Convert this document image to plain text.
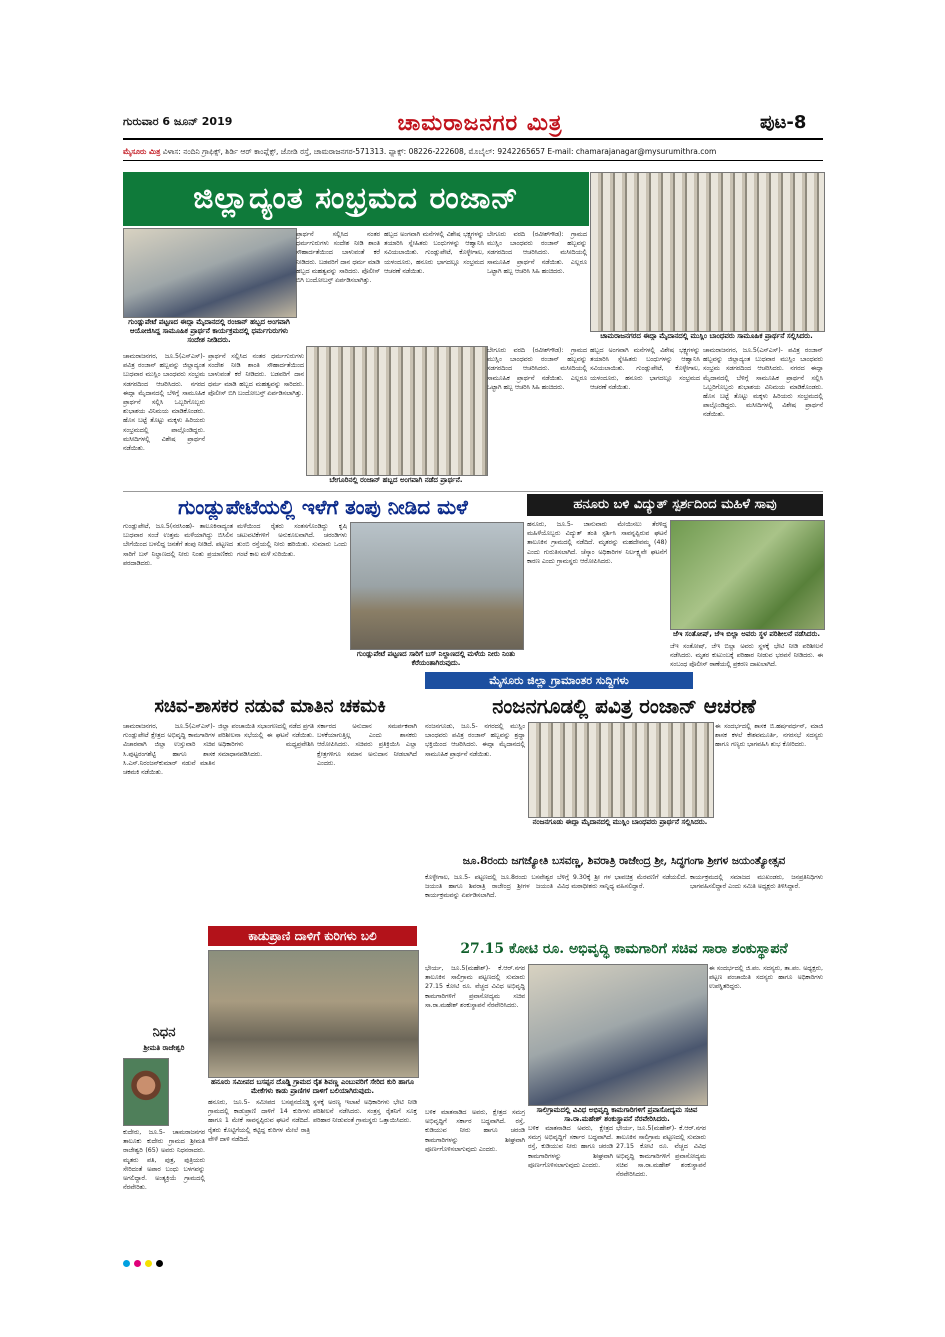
ಗುರುವಾರ 6 ಜೂನ್ 2019	ಚಾಮರಾಜನಗರ ಮಿತ್ರ	ಪುಟ-8
ಮೈಸೂರು ಮಿತ್ರ ವಿಳಾಸ: ನಂದಿನಿ ಗ್ರಾಫಿಕ್ಸ್, ಶಿರ್ಡಿ ಆರ್ ಕಾಂಪ್ಲೆಕ್ಸ್, ಜೋಡಿ ರಸ್ತೆ, ಚಾಮರಾಜನಗರ-571313. ಫ್ಯಾಕ್ಸ್: 08226-222608, ಮೊಬೈಲ್: 9242265657 E-mail: chamarajanagar@mysurumithra.com
ಜಿಲ್ಲಾದ್ಯಂತ ಸಂಭ್ರಮದ ರಂಜಾನ್
ಚಾಮರಾಜನಗರದ ಈದ್ಗಾ ಮೈದಾನದಲ್ಲಿ ಮುಸ್ಲಿಂ ಬಾಂಧವರು ಸಾಮೂಹಿಕ ಪ್ರಾರ್ಥನೆ ಸಲ್ಲಿಸಿದರು.
ಗುಂಡ್ಲುಪೇಟೆ ಪಟ್ಟಣದ ಈದ್ಗಾ ಮೈದಾನದಲ್ಲಿ ರಂಜಾನ್ ಹಬ್ಬದ ಅಂಗವಾಗಿ ಆಯೋಜಿಸಿದ್ದ ಸಾಮೂಹಿಕ ಪ್ರಾರ್ಥನೆ ಕಾರ್ಯಕ್ರಮದಲ್ಲಿ ಧರ್ಮಗುರುಗಳು ಸಂದೇಶ ನೀಡಿದರು.
ಪ್ರಾರ್ಥನೆ ಸಲ್ಲಿಸಿದ ನಂತರ ಧರ್ಮಗುರುಗಳು ಸಂದೇಶ ನೀಡಿ ಶಾಂತಿ ಸೌಹಾರ್ದತೆಯಿಂದ ಬಾಳುವಂತೆ ಕರೆ ನೀಡಿದರು. ಬಡವರಿಗೆ ದಾನ ಧರ್ಮ ಮಾಡಿ ಹಬ್ಬದ ಮಹತ್ವವನ್ನು ಸಾರಿದರು. ಪೊಲೀಸ್ ಬಿಗಿ ಬಂದೋಬಸ್ತ್ ಏರ್ಪಡಿಸಲಾಗಿತ್ತು.
ಹಬ್ಬದ ಅಂಗವಾಗಿ ಮನೆಗಳಲ್ಲಿ ವಿಶೇಷ ಭಕ್ಷ್ಯಗಳನ್ನು ತಯಾರಿಸಿ ಸ್ನೇಹಿತರು ಬಂಧುಗಳನ್ನು ಆಹ್ವಾನಿಸಿ ಸವಿಯಲಾಯಿತು. ಗುಂಡ್ಲುಪೇಟೆ, ಕೊಳ್ಳೇಗಾಲ, ಯಳಂದೂರು, ಹನೂರು ಭಾಗದಲ್ಲೂ ಸಂಭ್ರಮದ ಆಚರಣೆ ನಡೆಯಿತು.
ಬೇಗೂರು ವರದಿ (ರವೀಶ್‍ಗೌಡ): ಗ್ರಾಮದ ಮುಸ್ಲಿಂ ಬಾಂಧವರು ರಂಜಾನ್ ಹಬ್ಬವನ್ನು ಸಡಗರದಿಂದ ಆಚರಿಸಿದರು. ಮಸೀದಿಯಲ್ಲಿ ಸಾಮೂಹಿಕ ಪ್ರಾರ್ಥನೆ ನಡೆಯಿತು. ಎಲ್ಲರೂ ಒಟ್ಟಾಗಿ ಹಬ್ಬ ಆಚರಿಸಿ ಸಿಹಿ ಹಂಚಿದರು.
ಚಾಮರಾಜನಗರ, ಜೂ.5(ಎಸ್‍ಎಸ್)- ಪವಿತ್ರ ರಂಜಾನ್ ಹಬ್ಬವನ್ನು ಜಿಲ್ಲಾದ್ಯಂತ ಬುಧವಾರ ಮುಸ್ಲಿಂ ಬಾಂಧವರು ಸಂಭ್ರಮ ಸಡಗರದಿಂದ ಆಚರಿಸಿದರು. ನಗರದ ಈದ್ಗಾ ಮೈದಾನದಲ್ಲಿ ಬೆಳಿಗ್ಗೆ ಸಾಮೂಹಿಕ ಪ್ರಾರ್ಥನೆ ಸಲ್ಲಿಸಿ ಒಬ್ಬರಿಗೊಬ್ಬರು ಶುಭಾಶಯ ವಿನಿಮಯ ಮಾಡಿಕೊಂಡರು. ಹೊಸ ಬಟ್ಟೆ ತೊಟ್ಟು ಮಕ್ಕಳು ಹಿರಿಯರು ಸಂಭ್ರಮದಲ್ಲಿ ಪಾಲ್ಗೊಂಡಿದ್ದರು. ಮಸೀದಿಗಳಲ್ಲಿ ವಿಶೇಷ ಪ್ರಾರ್ಥನೆ ನಡೆಯಿತು.
ಪ್ರಾರ್ಥನೆ ಸಲ್ಲಿಸಿದ ನಂತರ ಧರ್ಮಗುರುಗಳು ಸಂದೇಶ ನೀಡಿ ಶಾಂತಿ ಸೌಹಾರ್ದತೆಯಿಂದ ಬಾಳುವಂತೆ ಕರೆ ನೀಡಿದರು. ಬಡವರಿಗೆ ದಾನ ಧರ್ಮ ಮಾಡಿ ಹಬ್ಬದ ಮಹತ್ವವನ್ನು ಸಾರಿದರು. ಪೊಲೀಸ್ ಬಿಗಿ ಬಂದೋಬಸ್ತ್ ಏರ್ಪಡಿಸಲಾಗಿತ್ತು.
ಬೇಗೂರಿನಲ್ಲಿ ರಂಜಾನ್ ಹಬ್ಬದ ಅಂಗವಾಗಿ ನಡೆದ ಪ್ರಾರ್ಥನೆ.
ಬೇಗೂರು ವರದಿ (ರವೀಶ್‍ಗೌಡ): ಗ್ರಾಮದ ಮುಸ್ಲಿಂ ಬಾಂಧವರು ರಂಜಾನ್ ಹಬ್ಬವನ್ನು ಸಡಗರದಿಂದ ಆಚರಿಸಿದರು. ಮಸೀದಿಯಲ್ಲಿ ಸಾಮೂಹಿಕ ಪ್ರಾರ್ಥನೆ ನಡೆಯಿತು. ಎಲ್ಲರೂ ಒಟ್ಟಾಗಿ ಹಬ್ಬ ಆಚರಿಸಿ ಸಿಹಿ ಹಂಚಿದರು.
ಹಬ್ಬದ ಅಂಗವಾಗಿ ಮನೆಗಳಲ್ಲಿ ವಿಶೇಷ ಭಕ್ಷ್ಯಗಳನ್ನು ತಯಾರಿಸಿ ಸ್ನೇಹಿತರು ಬಂಧುಗಳನ್ನು ಆಹ್ವಾನಿಸಿ ಸವಿಯಲಾಯಿತು. ಗುಂಡ್ಲುಪೇಟೆ, ಕೊಳ್ಳೇಗಾಲ, ಯಳಂದೂರು, ಹನೂರು ಭಾಗದಲ್ಲೂ ಸಂಭ್ರಮದ ಆಚರಣೆ ನಡೆಯಿತು.
ಚಾಮರಾಜನಗರ, ಜೂ.5(ಎಸ್‍ಎಸ್)- ಪವಿತ್ರ ರಂಜಾನ್ ಹಬ್ಬವನ್ನು ಜಿಲ್ಲಾದ್ಯಂತ ಬುಧವಾರ ಮುಸ್ಲಿಂ ಬಾಂಧವರು ಸಂಭ್ರಮ ಸಡಗರದಿಂದ ಆಚರಿಸಿದರು. ನಗರದ ಈದ್ಗಾ ಮೈದಾನದಲ್ಲಿ ಬೆಳಿಗ್ಗೆ ಸಾಮೂಹಿಕ ಪ್ರಾರ್ಥನೆ ಸಲ್ಲಿಸಿ ಒಬ್ಬರಿಗೊಬ್ಬರು ಶುಭಾಶಯ ವಿನಿಮಯ ಮಾಡಿಕೊಂಡರು. ಹೊಸ ಬಟ್ಟೆ ತೊಟ್ಟು ಮಕ್ಕಳು ಹಿರಿಯರು ಸಂಭ್ರಮದಲ್ಲಿ ಪಾಲ್ಗೊಂಡಿದ್ದರು. ಮಸೀದಿಗಳಲ್ಲಿ ವಿಶೇಷ ಪ್ರಾರ್ಥನೆ ನಡೆಯಿತು.
ಗುಂಡ್ಲುಪೇಟೆಯಲ್ಲಿ ಇಳೆಗೆ ತಂಪು ನೀಡಿದ ಮಳೆ
ಗುಂಡ್ಲುಪೇಟೆ, ಜೂ.5(ನರಸಿಂಹ)- ತಾಲೂಕಿನಾದ್ಯಂತ ಬುಧವಾರ ಸಂಜೆ ಉತ್ತಮ ಮಳೆಯಾಗಿದ್ದು ಬಿಸಿಲಿನ ಬೇಗೆಯಿಂದ ಬಳಲಿದ್ದ ಜನತೆಗೆ ತಂಪು ನೀಡಿದೆ. ಪಟ್ಟಣದ ಸಾರಿಗೆ ಬಸ್ ನಿಲ್ದಾಣದಲ್ಲಿ ನೀರು ನಿಂತು ಪ್ರಯಾಣಿಕರು ಪರದಾಡಿದರು.
ಮಳೆಯಿಂದ ರೈತರು ಸಂತಸಗೊಂಡಿದ್ದು ಕೃಷಿ ಚಟುವಟಿಕೆಗಳಿಗೆ ಅನುಕೂಲವಾಗಿದೆ. ಚರಂಡಿಗಳು ತುಂಬಿ ರಸ್ತೆಯಲ್ಲಿ ನೀರು ಹರಿಯಿತು. ಸುಮಾರು ಒಂದು ಗಂಟೆ ಕಾಲ ಮಳೆ ಸುರಿಯಿತು.
ಗುಂಡ್ಲುಪೇಟೆ ಪಟ್ಟಣದ ಸಾರಿಗೆ ಬಸ್ ನಿಲ್ದಾಣದಲ್ಲಿ ಮಳೆಯ ನೀರು ನಿಂತು ಕೆರೆಯಂತಾಗಿರುವುದು.
ಹನೂರು ಬಳಿ ವಿದ್ಯುತ್ ಸ್ಪರ್ಶದಿಂದ ಮಹಿಳೆ ಸಾವು
ಹನೂರು, ಜೂ.5- ಜಾನುವಾರು ಮೇಯಿಸಲು ತೆರಳಿದ್ದ ಮಹಿಳೆಯೊಬ್ಬರು ವಿದ್ಯುತ್ ತಂತಿ ಸ್ಪರ್ಶಿಸಿ ಸಾವನ್ನಪ್ಪಿರುವ ಘಟನೆ ತಾಲೂಕಿನ ಗ್ರಾಮದಲ್ಲಿ ನಡೆದಿದೆ. ಮೃತರನ್ನು ಮಹದೇವಮ್ಮ (48) ಎಂದು ಗುರುತಿಸಲಾಗಿದೆ. ಚೆಸ್ಕಾಂ ಅಧಿಕಾರಿಗಳ ನಿರ್ಲಕ್ಷ್ಯವೇ ಘಟನೆಗೆ ಕಾರಣ ಎಂದು ಗ್ರಾಮಸ್ಥರು ಆರೋಪಿಸಿದರು.
ಜೆಇ ಸಂತೋಷ್, ಜೆಇ ಬಿಲ್ಲಾ ಅವರು ಸ್ಥಳ ಪರಿಶೀಲನೆ ನಡೆಸಿದರು.
ಜೆಇ ಸಂತೋಷ್, ಜೆಇ ಬಿಲ್ಲಾ ಅವರು ಸ್ಥಳಕ್ಕೆ ಭೇಟಿ ನೀಡಿ ಪರಿಶೀಲನೆ ನಡೆಸಿದರು. ಮೃತರ ಕುಟುಂಬಕ್ಕೆ ಪರಿಹಾರ ನೀಡುವ ಭರವಸೆ ನೀಡಿದರು. ಈ ಸಂಬಂಧ ಪೊಲೀಸ್ ಠಾಣೆಯಲ್ಲಿ ಪ್ರಕರಣ ದಾಖಲಾಗಿದೆ.
ಮೈಸೂರು ಜಿಲ್ಲಾ ಗ್ರಾಮಾಂತರ ಸುದ್ದಿಗಳು
ಸಚಿವ-ಶಾಸಕರ ನಡುವೆ ಮಾತಿನ ಚಕಮಕಿ
ಚಾಮರಾಜನಗರ, ಜೂ.5(ಎಸ್‍ಎಸ್)- ಗುಂಡ್ಲುಪೇಟೆ ಕ್ಷೇತ್ರದ ಅಭಿವೃದ್ಧಿ ಕಾಮಗಾರಿಗಳ ವಿಚಾರವಾಗಿ ಜಿಲ್ಲಾ ಉಸ್ತುವಾರಿ ಸಚಿವ ಸಿ.ಪುಟ್ಟರಂಗಶೆಟ್ಟಿ ಹಾಗೂ ಶಾಸಕ ಸಿ.ಎಸ್.ನಿರಂಜನ್‍ಕುಮಾರ್ ನಡುವೆ ಮಾತಿನ ಚಕಮಕಿ ನಡೆಯಿತು.
ಜಿಲ್ಲಾ ಪಂಚಾಯಿತಿ ಸಭಾಂಗಣದಲ್ಲಿ ನಡೆದ ಪ್ರಗತಿ ಪರಿಶೀಲನಾ ಸಭೆಯಲ್ಲಿ ಈ ಘಟನೆ ನಡೆಯಿತು. ಅಧಿಕಾರಿಗಳು ಮಧ್ಯಪ್ರವೇಶಿಸಿ ಸಮಾಧಾನಪಡಿಸಿದರು.
ಸರ್ಕಾರದ ಅನುದಾನ ಸಮರ್ಪಕವಾಗಿ ಬಳಕೆಯಾಗುತ್ತಿಲ್ಲ ಎಂದು ಶಾಸಕರು ಆರೋಪಿಸಿದರು. ಸಚಿವರು ಪ್ರತಿಕ್ರಿಯಿಸಿ ಎಲ್ಲಾ ಕ್ಷೇತ್ರಗಳಿಗೂ ಸಮಾನ ಅನುದಾನ ನೀಡಲಾಗಿದೆ ಎಂದರು.
ನಂಜನಗೂಡಲ್ಲಿ ಪವಿತ್ರ ರಂಜಾನ್ ಆಚರಣೆ
ನಂಜನಗೂಡು, ಜೂ.5- ನಗರದಲ್ಲಿ ಮುಸ್ಲಿಂ ಬಾಂಧವರು ಪವಿತ್ರ ರಂಜಾನ್ ಹಬ್ಬವನ್ನು ಶ್ರದ್ಧಾ ಭಕ್ತಿಯಿಂದ ಆಚರಿಸಿದರು. ಈದ್ಗಾ ಮೈದಾನದಲ್ಲಿ ಸಾಮೂಹಿಕ ಪ್ರಾರ್ಥನೆ ನಡೆಯಿತು.
ನಂಜನಗೂಡು ಈದ್ಗಾ ಮೈದಾನದಲ್ಲಿ ಮುಸ್ಲಿಂ ಬಾಂಧವರು ಪ್ರಾರ್ಥನೆ ಸಲ್ಲಿಸಿದರು.
ಈ ಸಂದರ್ಭದಲ್ಲಿ ಶಾಸಕ ಬಿ.ಹರ್ಷವರ್ಧನ್, ಮಾಜಿ ಶಾಸಕ ಕಳಲೆ ಕೇಶವಮೂರ್ತಿ, ನಗರಸಭೆ ಸದಸ್ಯರು ಹಾಗೂ ಗಣ್ಯರು ಭಾಗವಹಿಸಿ ಶುಭ ಕೋರಿದರು.
ಜೂ.8ರಂದು ಜಗಜ್ಯೋತಿ ಬಸವಣ್ಣ, ಶಿವರಾತ್ರಿ ರಾಜೇಂದ್ರ ಶ್ರೀ, ಸಿದ್ಧಗಂಗಾ ಶ್ರೀಗಳ ಜಯಂತ್ಯೋತ್ಸವ
ಕೊಳ್ಳೇಗಾಲ, ಜೂ.5- ಪಟ್ಟಣದಲ್ಲಿ ಜೂ.8ರಂದು ಬಸವೇಶ್ವರ ಜಯಂತಿ ಹಾಗೂ ಶಿವರಾತ್ರಿ ರಾಜೇಂದ್ರ ಶ್ರೀಗಳ ಜಯಂತಿ ಕಾರ್ಯಕ್ರಮವನ್ನು ಏರ್ಪಡಿಸಲಾಗಿದೆ.
ಬೆಳಿಗ್ಗೆ 9.30ಕ್ಕೆ ಶ್ರೀ ಗಳ ಭಾವಚಿತ್ರ ಮೆರವಣಿಗೆ ನಡೆಯಲಿದೆ. ವಿವಿಧ ಮಠಾಧೀಶರು ಸಾನ್ನಿಧ್ಯ ವಹಿಸಲಿದ್ದಾರೆ.
ಕಾರ್ಯಕ್ರಮದಲ್ಲಿ ಸಮಾಜದ ಮುಖಂಡರು, ಜನಪ್ರತಿನಿಧಿಗಳು ಭಾಗವಹಿಸಲಿದ್ದಾರೆ ಎಂದು ಸಮಿತಿ ಅಧ್ಯಕ್ಷರು ತಿಳಿಸಿದ್ದಾರೆ.
ಕಾಡುಪ್ರಾಣಿ ದಾಳಿಗೆ ಕುರಿಗಳು ಬಲಿ
ಹನೂರು ಸಮೀಪದ ಬಸಪ್ಪನ ದೊಡ್ಡಿ ಗ್ರಾಮದ ರೈತ ಶಿವಣ್ಣ ಎಂಬುವರಿಗೆ ಸೇರಿದ ಕುರಿ ಹಾಗೂ ಮೇಕೆಗಳು ಕಾಡು ಪ್ರಾಣಿಗಳ ದಾಳಿಗೆ ಬಲಿಯಾಗಿರುವುದು.
ಹನೂರು, ಜೂ.5- ಸಮೀಪದ ಬಸಪ್ಪನದೊಡ್ಡಿ ಗ್ರಾಮದಲ್ಲಿ ಕಾಡುಪ್ರಾಣಿ ದಾಳಿಗೆ 14 ಕುರಿಗಳು ಹಾಗೂ 1 ಮೇಕೆ ಸಾವನ್ನಪ್ಪಿರುವ ಘಟನೆ ನಡೆದಿದೆ. ರೈತರು ಕೊಟ್ಟಿಗೆಯಲ್ಲಿ ಕಟ್ಟಿದ್ದ ಕುರಿಗಳ ಮೇಲೆ ರಾತ್ರಿ ವೇಳೆ ದಾಳಿ ನಡೆದಿದೆ.
ಸ್ಥಳಕ್ಕೆ ಅರಣ್ಯ ಇಲಾಖೆ ಅಧಿಕಾರಿಗಳು ಭೇಟಿ ನೀಡಿ ಪರಿಶೀಲನೆ ನಡೆಸಿದರು. ಸಂತ್ರಸ್ತ ರೈತನಿಗೆ ಸೂಕ್ತ ಪರಿಹಾರ ನೀಡುವಂತೆ ಗ್ರಾಮಸ್ಥರು ಒತ್ತಾಯಿಸಿದರು.
27.15 ಕೋಟಿ ರೂ. ಅಭಿವೃದ್ಧಿ ಕಾಮಗಾರಿಗೆ ಸಚಿವ ಸಾರಾ ಶಂಕುಸ್ಥಾಪನೆ
ಭೇರ್ಯ, ಜೂ.5(ಮಹೇಶ್)- ಕೆ.ಆರ್.ನಗರ ತಾಲೂಕಿನ ಸಾಲಿಗ್ರಾಮ ಪಟ್ಟಣದಲ್ಲಿ ಸುಮಾರು 27.15 ಕೋಟಿ ರೂ. ವೆಚ್ಚದ ವಿವಿಧ ಅಭಿವೃದ್ಧಿ ಕಾಮಗಾರಿಗಳಿಗೆ ಪ್ರವಾಸೋದ್ಯಮ ಸಚಿವ ಸಾ.ರಾ.ಮಹೇಶ್ ಶಂಕುಸ್ಥಾಪನೆ ನೆರವೇರಿಸಿದರು.
ಸಾಲಿಗ್ರಾಮದಲ್ಲಿ ವಿವಿಧ ಅಭಿವೃದ್ಧಿ ಕಾಮಗಾರಿಗಳಿಗೆ ಪ್ರವಾಸೋದ್ಯಮ ಸಚಿವ ಸಾ.ರಾ.ಮಹೇಶ್ ಶಂಕುಸ್ಥಾಪನೆ ನೆರವೇರಿಸಿದರು.
ಈ ಸಂದರ್ಭದಲ್ಲಿ ಜಿ.ಪಂ. ಸದಸ್ಯರು, ತಾ.ಪಂ. ಅಧ್ಯಕ್ಷರು, ಪಟ್ಟಣ ಪಂಚಾಯಿತಿ ಸದಸ್ಯರು ಹಾಗೂ ಅಧಿಕಾರಿಗಳು ಉಪಸ್ಥಿತರಿದ್ದರು.
ಬಳಿಕ ಮಾತನಾಡಿದ ಅವರು, ಕ್ಷೇತ್ರದ ಸಮಗ್ರ ಅಭಿವೃದ್ಧಿಗೆ ಸರ್ಕಾರ ಬದ್ಧವಾಗಿದೆ. ರಸ್ತೆ, ಕುಡಿಯುವ ನೀರು ಹಾಗೂ ಚರಂಡಿ ಕಾಮಗಾರಿಗಳನ್ನು ಶೀಘ್ರವಾಗಿ ಪೂರ್ಣಗೊಳಿಸಲಾಗುವುದು ಎಂದರು.
ಬಳಿಕ ಮಾತನಾಡಿದ ಅವರು, ಕ್ಷೇತ್ರದ ಸಮಗ್ರ ಅಭಿವೃದ್ಧಿಗೆ ಸರ್ಕಾರ ಬದ್ಧವಾಗಿದೆ. ರಸ್ತೆ, ಕುಡಿಯುವ ನೀರು ಹಾಗೂ ಚರಂಡಿ ಕಾಮಗಾರಿಗಳನ್ನು ಶೀಘ್ರವಾಗಿ ಪೂರ್ಣಗೊಳಿಸಲಾಗುವುದು ಎಂದರು.
ಭೇರ್ಯ, ಜೂ.5(ಮಹೇಶ್)- ಕೆ.ಆರ್.ನಗರ ತಾಲೂಕಿನ ಸಾಲಿಗ್ರಾಮ ಪಟ್ಟಣದಲ್ಲಿ ಸುಮಾರು 27.15 ಕೋಟಿ ರೂ. ವೆಚ್ಚದ ವಿವಿಧ ಅಭಿವೃದ್ಧಿ ಕಾಮಗಾರಿಗಳಿಗೆ ಪ್ರವಾಸೋದ್ಯಮ ಸಚಿವ ಸಾ.ರಾ.ಮಹೇಶ್ ಶಂಕುಸ್ಥಾಪನೆ ನೆರವೇರಿಸಿದರು.
ನಿಧನ
ಶ್ರೀಮತಿ ರಾಜೇಶ್ವರಿ
ಕುದೇರು, ಜೂ.5- ಚಾಮರಾಜನಗರ ತಾಲೂಕು ಕುದೇರು ಗ್ರಾಮದ ಶ್ರೀಮತಿ ರಾಜೇಶ್ವರಿ (65) ಅವರು ನಿಧನರಾದರು. ಮೃತರು ಪತಿ, ಪುತ್ರ, ಪುತ್ರಿಯರು ಸೇರಿದಂತೆ ಅಪಾರ ಬಂಧು ಬಳಗವನ್ನು ಅಗಲಿದ್ದಾರೆ. ಅಂತ್ಯಕ್ರಿಯೆ ಗ್ರಾಮದಲ್ಲಿ ನೆರವೇರಿತು.
